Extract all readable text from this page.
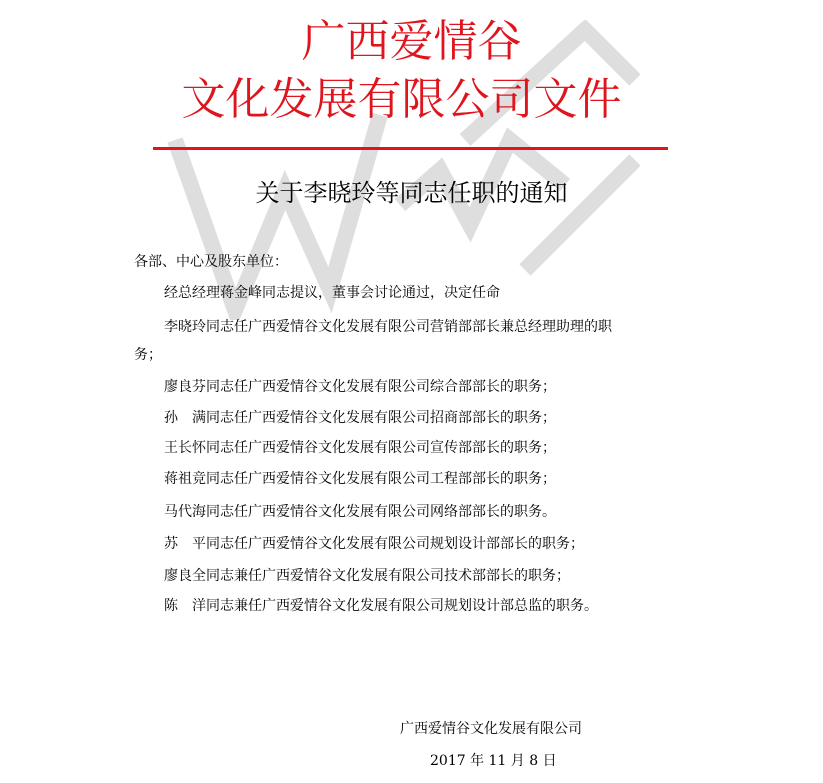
广西爱情谷
文化发展有限公司文件
关于李晓玲等同志任职的通知
各部、中心及股东单位：
经总经理蒋金峰同志提议，董事会讨论通过，决定任命
李晓玲同志任广西爱情谷文化发展有限公司营销部部长兼总经理助理的职
务；
廖良芬同志任广西爱情谷文化发展有限公司综合部部长的职务；
孙　满同志任广西爱情谷文化发展有限公司招商部部长的职务；
王长怀同志任广西爱情谷文化发展有限公司宣传部部长的职务；
蒋祖竞同志任广西爱情谷文化发展有限公司工程部部长的职务；
马代海同志任广西爱情谷文化发展有限公司网络部部长的职务。
苏　平同志任广西爱情谷文化发展有限公司规划设计部部长的职务；
廖良全同志兼任广西爱情谷文化发展有限公司技术部部长的职务；
陈　洋同志兼任广西爱情谷文化发展有限公司规划设计部总监的职务。
广西爱情谷文化发展有限公司
2017 年 11 月 8 日
